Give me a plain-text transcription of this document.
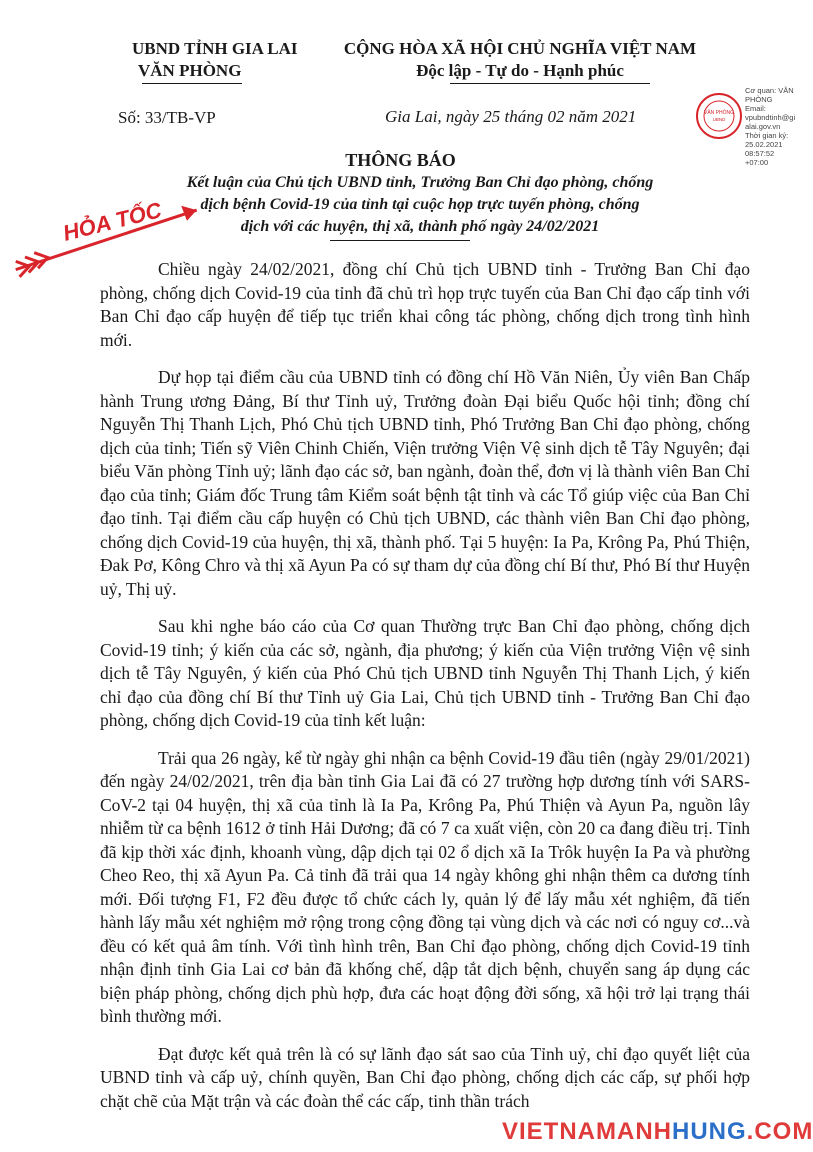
UBND TỈNH GIA LAI
VĂN PHÒNG
CỘNG HÒA XÃ HỘI CHỦ NGHĨA VIỆT NAM
Độc lập - Tự do - Hạnh phúc
Số: 33/TB-VP	Gia Lai, ngày 25 tháng 02 năm 2021	VĂN PHÒNG
UBND
Cơ quan: VĂN PHÒNG
Email: vpubndtinh@gi alai.gov.vn
Thời gian ký: 25.02.2021
08:57:52
+07:00
THÔNG BÁO
Kết luận của Chủ tịch UBND tỉnh, Trưởng Ban Chỉ đạo phòng, chống
dịch bệnh Covid-19 của tỉnh tại cuộc họp trực tuyến phòng, chống
dịch với các huyện, thị xã, thành phố ngày 24/02/2021
HỎA TỐC

Chiều ngày 24/02/2021, đồng chí Chủ tịch UBND tỉnh - Trưởng Ban Chỉ đạo phòng, chống dịch Covid-19 của tỉnh đã chủ trì họp trực tuyến của Ban Chỉ đạo cấp tỉnh với Ban Chỉ đạo cấp huyện để tiếp tục triển khai công tác phòng, chống dịch trong tình hình mới.

Dự họp tại điểm cầu của UBND tỉnh có đồng chí Hồ Văn Niên, Ủy viên Ban Chấp hành Trung ương Đảng, Bí thư Tỉnh uỷ, Trưởng đoàn Đại biểu Quốc hội tỉnh; đồng chí Nguyễn Thị Thanh Lịch, Phó Chủ tịch UBND tỉnh, Phó Trưởng Ban Chỉ đạo phòng, chống dịch của tỉnh; Tiến sỹ Viên Chinh Chiến, Viện trưởng Viện Vệ sinh dịch tễ Tây Nguyên; đại biểu Văn phòng Tỉnh uỷ; lãnh đạo các sở, ban ngành, đoàn thể, đơn vị là thành viên Ban Chỉ đạo của tỉnh; Giám đốc Trung tâm Kiểm soát bệnh tật tỉnh và các Tổ giúp việc của Ban Chỉ đạo tỉnh. Tại điểm cầu cấp huyện có Chủ tịch UBND, các thành viên Ban Chỉ đạo phòng, chống dịch Covid-19 của huyện, thị xã, thành phố. Tại 5 huyện: Ia Pa, Krông Pa, Phú Thiện, Đak Pơ, Kông Chro và thị xã Ayun Pa có sự tham dự của đồng chí Bí thư, Phó Bí thư Huyện uỷ, Thị uỷ.

Sau khi nghe báo cáo của Cơ quan Thường trực Ban Chỉ đạo phòng, chống dịch Covid-19 tỉnh; ý kiến của các sở, ngành, địa phương; ý kiến của Viện trưởng Viện vệ sinh dịch tễ Tây Nguyên, ý kiến của Phó Chủ tịch UBND tỉnh Nguyễn Thị Thanh Lịch, ý kiến chỉ đạo của đồng chí Bí thư Tỉnh uỷ Gia Lai, Chủ tịch UBND tỉnh - Trưởng Ban Chỉ đạo phòng, chống dịch Covid-19 của tỉnh kết luận:

Trải qua 26 ngày, kể từ ngày ghi nhận ca bệnh Covid-19 đầu tiên (ngày 29/01/2021) đến ngày 24/02/2021, trên địa bàn tỉnh Gia Lai đã có 27 trường hợp dương tính với SARS-CoV-2 tại 04 huyện, thị xã của tỉnh là Ia Pa, Krông Pa, Phú Thiện và Ayun Pa, nguồn lây nhiễm từ ca bệnh 1612 ở tỉnh Hải Dương; đã có 7 ca xuất viện, còn 20 ca đang điều trị. Tỉnh đã kịp thời xác định, khoanh vùng, dập dịch tại 02 ổ dịch xã Ia Trôk huyện Ia Pa và phường Cheo Reo, thị xã Ayun Pa. Cả tỉnh đã trải qua 14 ngày không ghi nhận thêm ca dương tính mới. Đối tượng F1, F2 đều được tổ chức cách ly, quản lý để lấy mẫu xét nghiệm, đã tiến hành lấy mẫu xét nghiệm mở rộng trong cộng đồng tại vùng dịch và các nơi có nguy cơ...và đều có kết quả âm tính. Với tình hình trên, Ban Chỉ đạo phòng, chống dịch Covid-19 tỉnh nhận định tỉnh Gia Lai cơ bản đã khống chế, dập tắt dịch bệnh, chuyển sang áp dụng các biện pháp phòng, chống dịch phù hợp, đưa các hoạt động đời sống, xã hội trở lại trạng thái bình thường mới.

Đạt được kết quả trên là có sự lãnh đạo sát sao của Tỉnh uỷ, chỉ đạo quyết liệt của UBND tỉnh và cấp uỷ, chính quyền, Ban Chỉ đạo phòng, chống dịch các cấp, sự phối hợp chặt chẽ của Mặt trận và các đoàn thể các cấp, tinh thần trách

VIETNAMANHHUNG.COM
